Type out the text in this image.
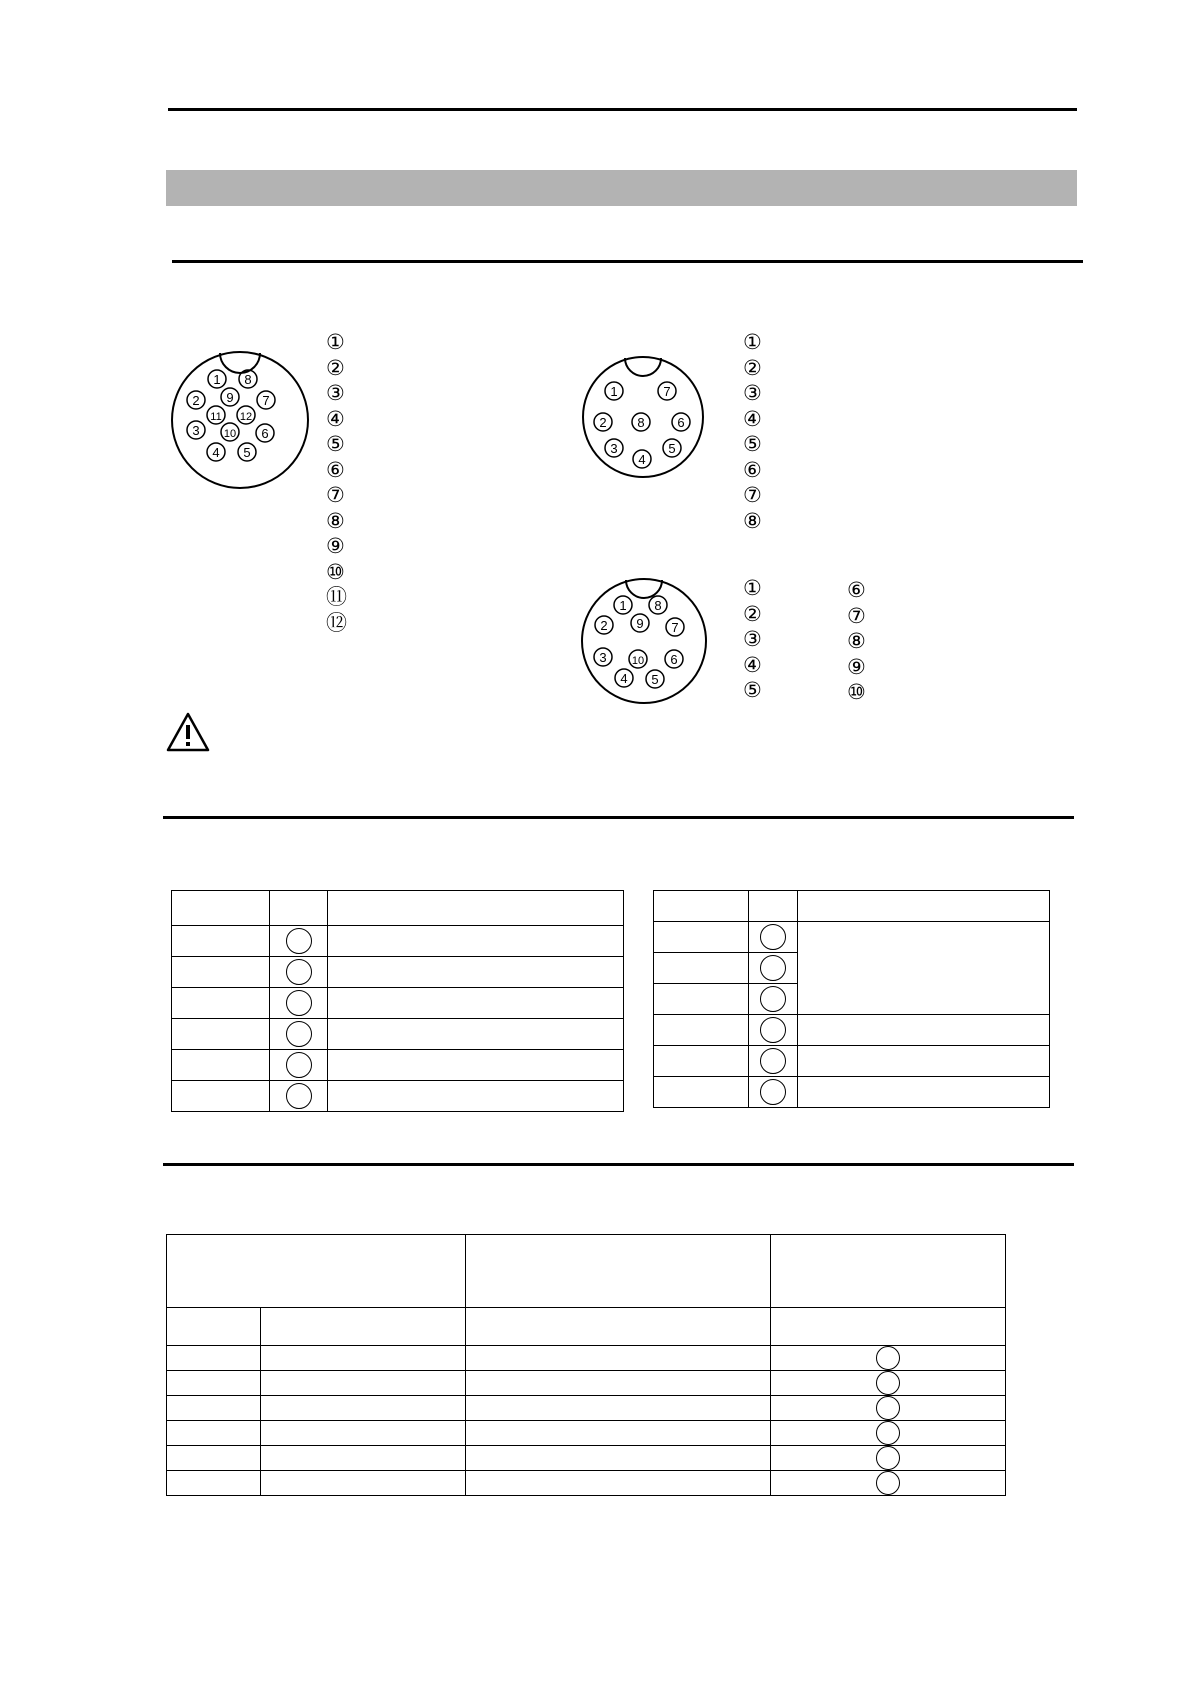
1 8
2 9 7
11 12
3 10 6
4 5
①
②
③
④
⑤
⑥
⑦
⑧
⑨
⑩
⑪
⑫
1	7
2 8	6
3	5
4
①
②
③
④
⑤
⑥
⑦
⑧
1 8
2 9 7
3 10 6
4 5
①
②
③
④
⑤
⑥
⑦
⑧
⑨
⑩
